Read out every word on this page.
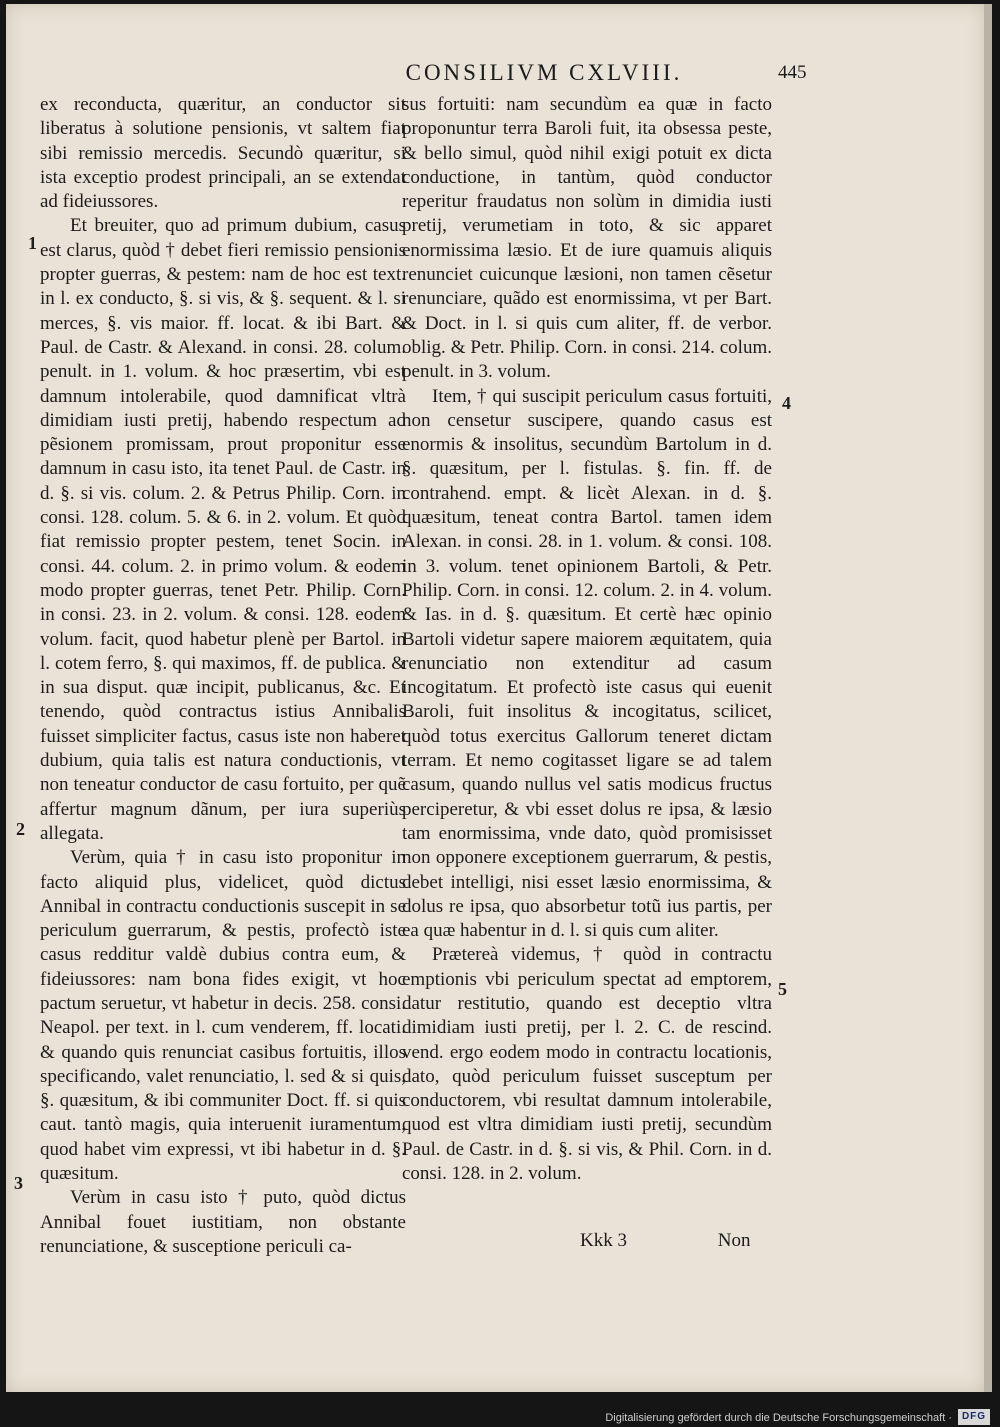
CONSILIVM CXLVIII.	445

ex reconducta, quæritur, an conductor sit liberatus à solutione pensionis, vt saltem fiat sibi remissio mercedis. Secundò quæritur, si ista exceptio prodest principali, an se extendat ad fideiussores.

Et breuiter, quo ad primum dubium, casus est clarus, quòd † debet fieri remissio pensionis propter guerras, & pestem: nam de hoc est text. in l. ex conducto, §. si vis, & §. sequent. & l. si merces, §. vis maior. ff. locat. & ibi Bart. & Paul. de Castr. & Alexand. in consi. 28. colum. penult. in 1. volum. & hoc præsertim, vbi est damnum intolerabile, quod damnificat vltrà dimidiam iusti pretij, habendo respectum ad pẽsionem promissam, prout proponitur esse damnum in casu isto, ita tenet Paul. de Castr. in d. §. si vis. colum. 2. & Petrus Philip. Corn. in consi. 128. colum. 5. & 6. in 2. volum. Et quòd fiat remissio propter pestem, tenet Socin. in consi. 44. colum. 2. in primo volum. & eodem modo propter guerras, tenet Petr. Philip. Corn. in consi. 23. in 2. volum. & consi. 128. eodem volum. facit, quod habetur plenè per Bartol. in l. cotem ferro, §. qui maximos, ff. de publica. & in sua disput. quæ incipit, publicanus, &c. Et tenendo, quòd contractus istius Annibalis fuisset simpliciter factus, casus iste non haberet dubium, quia talis est natura conductionis, vt non teneatur conductor de casu fortuito, per quẽ affertur magnum dãnum, per iura superiùs allegata.

Verùm, quia † in casu isto proponitur in facto aliquid plus, videlicet, quòd dictus Annibal in contractu conductionis suscepit in se periculum guerrarum, & pestis, profectò iste casus redditur valdè dubius contra eum, & fideiussores: nam bona fides exigit, vt hoc pactum seruetur, vt habetur in decis. 258. consi. Neapol. per text. in l. cum venderem, ff. locati. & quando quis renunciat casibus fortuitis, illos specificando, valet renunciatio, l. sed & si quis, §. quæsitum, & ibi communiter Doct. ff. si quis caut. tantò magis, quia interuenit iuramentum, quod habet vim expressi, vt ibi habetur in d. §. quæsitum.

Verùm in casu isto † puto, quòd dictus Annibal fouet iustitiam, non obstante renunciatione, & susceptione periculi ca-

sus fortuiti: nam secundùm ea quæ in facto proponuntur terra Baroli fuit, ita obsessa peste, & bello simul, quòd nihil exigi potuit ex dicta conductione, in tantùm, quòd conductor reperitur fraudatus non solùm in dimidia iusti pretij, verumetiam in toto, & sic apparet enormissima læsio. Et de iure quamuis aliquis renunciet cuicunque læsioni, non tamen cẽsetur renunciare, quãdo est enormissima, vt per Bart. & Doct. in l. si quis cum aliter, ff. de verbor. oblig. & Petr. Philip. Corn. in consi. 214. colum. penult. in 3. volum.

Item, † qui suscipit periculum casus fortuiti, non censetur suscipere, quando casus est enormis & insolitus, secundùm Bartolum in d. §. quæsitum, per l. fistulas. §. fin. ff. de contrahend. empt. & licèt Alexan. in d. §. quæsitum, teneat contra Bartol. tamen idem Alexan. in consi. 28. in 1. volum. & consi. 108. in 3. volum. tenet opinionem Bartoli, & Petr. Philip. Corn. in consi. 12. colum. 2. in 4. volum. & Ias. in d. §. quæsitum. Et certè hæc opinio Bartoli videtur sapere maiorem æquitatem, quia renunciatio non extenditur ad casum incogitatum. Et profectò iste casus qui euenit Baroli, fuit insolitus & incogitatus, scilicet, quòd totus exercitus Gallorum teneret dictam terram. Et nemo cogitasset ligare se ad talem casum, quando nullus vel satis modicus fructus perciperetur, & vbi esset dolus re ipsa, & læsio tam enormissima, vnde dato, quòd promisisset non opponere exceptionem guerrarum, & pestis, debet intelligi, nisi esset læsio enormissima, & dolus re ipsa, quo absorbetur totũ ius partis, per ea quæ habentur in d. l. si quis cum aliter.

Prætereà videmus, † quòd in contractu emptionis vbi periculum spectat ad emptorem, datur restitutio, quando est deceptio vltra dimidiam iusti pretij, per l. 2. C. de rescind. vend. ergo eodem modo in contractu locationis, dato, quòd periculum fuisset susceptum per conductorem, vbi resultat damnum intolerabile, quod est vltra dimidiam iusti pretij, secundùm Paul. de Castr. in d. §. si vis, & Phil. Corn. in d. consi. 128. in 2. volum.

1
2
3
4
5
Kkk 3	Non
Digitalisierung gefördert durch die Deutsche Forschungsgemeinschaft · DFG
